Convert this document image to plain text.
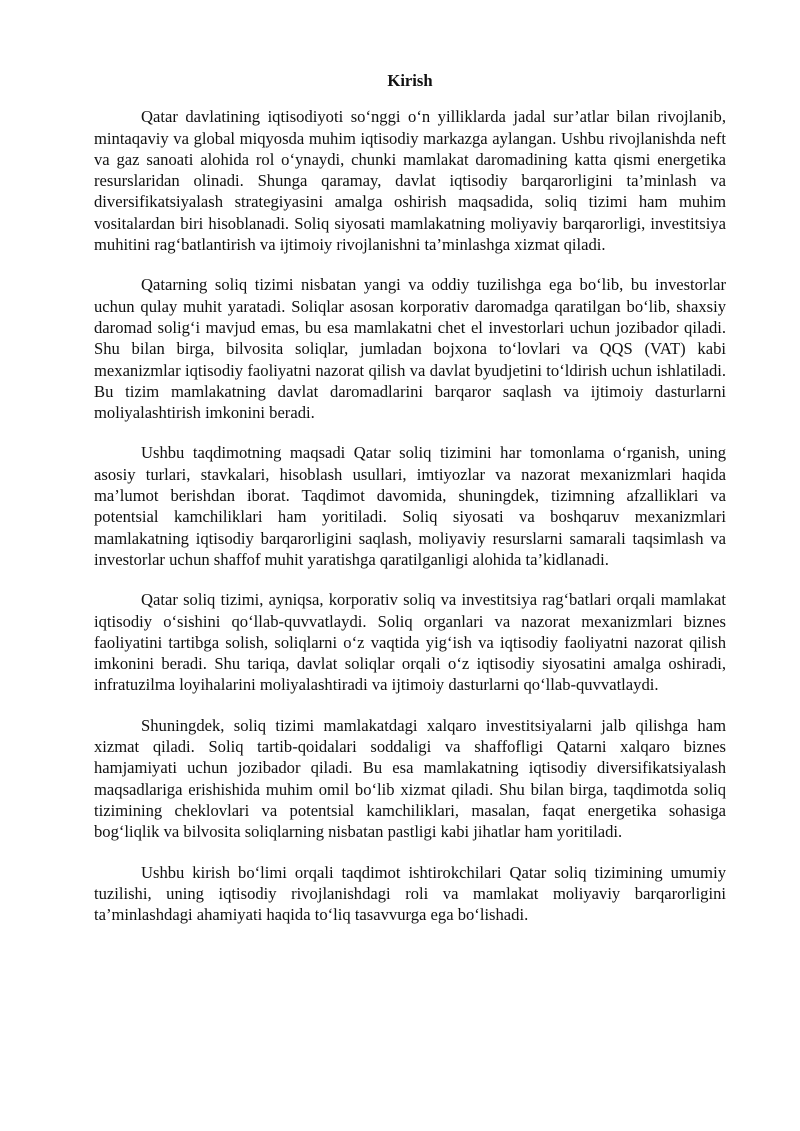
Kirish

Qatar davlatining iqtisodiyoti so‘nggi o‘n yilliklarda jadal sur’atlar bilan rivojlanib, mintaqaviy va global miqyosda muhim iqtisodiy markazga aylangan. Ushbu rivojlanishda neft va gaz sanoati alohida rol o‘ynaydi, chunki mamlakat daromadining katta qismi energetika resurslaridan olinadi. Shunga qaramay, davlat iqtisodiy barqarorligini ta’minlash va diversifikatsiyalash strategiyasini amalga oshirish maqsadida, soliq tizimi ham muhim vositalardan biri hisoblanadi. Soliq siyosati mamlakatning moliyaviy barqarorligi, investitsiya muhitini rag‘batlantirish va ijtimoiy rivojlanishni ta’minlashga xizmat qiladi.

Qatarning soliq tizimi nisbatan yangi va oddiy tuzilishga ega bo‘lib, bu investorlar uchun qulay muhit yaratadi. Soliqlar asosan korporativ daromadga qaratilgan bo‘lib, shaxsiy daromad solig‘i mavjud emas, bu esa mamlakatni chet el investorlari uchun jozibador qiladi. Shu bilan birga, bilvosita soliqlar, jumladan bojxona to‘lovlari va QQS (VAT) kabi mexanizmlar iqtisodiy faoliyatni nazorat qilish va davlat byudjetini to‘ldirish uchun ishlatiladi. Bu tizim mamlakatning davlat daromadlarini barqaror saqlash va ijtimoiy dasturlarni moliyalashtirish imkonini beradi.

Ushbu taqdimotning maqsadi Qatar soliq tizimini har tomonlama o‘rganish, uning asosiy turlari, stavkalari, hisoblash usullari, imtiyozlar va nazorat mexanizmlari haqida ma’lumot berishdan iborat. Taqdimot davomida, shuningdek, tizimning afzalliklari va potentsial kamchiliklari ham yoritiladi. Soliq siyosati va boshqaruv mexanizmlari mamlakatning iqtisodiy barqarorligini saqlash, moliyaviy resurslarni samarali taqsimlash va investorlar uchun shaffof muhit yaratishga qaratilganligi alohida ta’kidlanadi.

Qatar soliq tizimi, ayniqsa, korporativ soliq va investitsiya rag‘batlari orqali mamlakat iqtisodiy o‘sishini qo‘llab-quvvatlaydi. Soliq organlari va nazorat mexanizmlari biznes faoliyatini tartibga solish, soliqlarni o‘z vaqtida yig‘ish va iqtisodiy faoliyatni nazorat qilish imkonini beradi. Shu tariqa, davlat soliqlar orqali o‘z iqtisodiy siyosatini amalga oshiradi, infratuzilma loyihalarini moliyalashtiradi va ijtimoiy dasturlarni qo‘llab-quvvatlaydi.

Shuningdek, soliq tizimi mamlakatdagi xalqaro investitsiyalarni jalb qilishga ham xizmat qiladi. Soliq tartib-qoidalari soddaligi va shaffofligi Qatarni xalqaro biznes hamjamiyati uchun jozibador qiladi. Bu esa mamlakatning iqtisodiy diversifikatsiyalash maqsadlariga erishishida muhim omil bo‘lib xizmat qiladi. Shu bilan birga, taqdimotda soliq tizimining cheklovlari va potentsial kamchiliklari, masalan, faqat energetika sohasiga bog‘liqlik va bilvosita soliqlarning nisbatan pastligi kabi jihatlar ham yoritiladi.

Ushbu kirish bo‘limi orqali taqdimot ishtirokchilari Qatar soliq tizimining umumiy tuzilishi, uning iqtisodiy rivojlanishdagi roli va mamlakat moliyaviy barqarorligini ta’minlashdagi ahamiyati haqida to‘liq tasavvurga ega bo‘lishadi.
